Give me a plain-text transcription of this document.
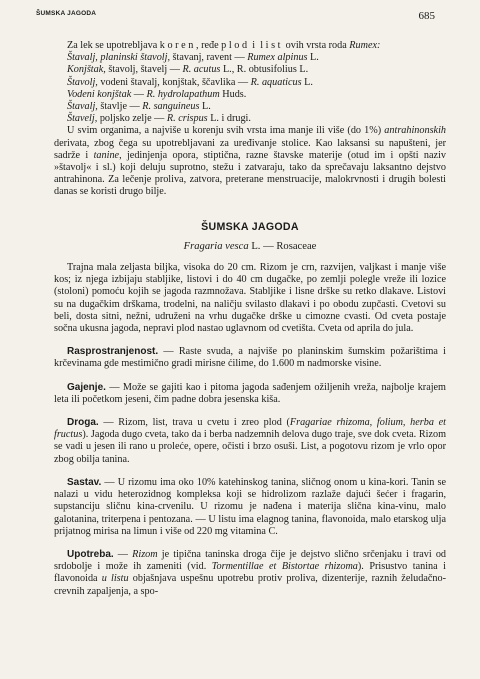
ŠUMSKA JAGODA	685

Za lek se upotrebljava koren, ređe plod i list ovih vrsta roda Rumex:

Štavalj, planinski štavolj, štavanj, ravent — Rumex alpinus L.
Konjštak, štavolj, štavelj — R. acutus L., R. obtusifolius L.
Štavolj, vodeni štavalj, konjštak, ščavlika — R. aquaticus L.
Vodeni konjštak — R. hydrolapathum Huds.
Štavalj, štavlje — R. sanguineus L.
Štavelj, poljsko zelje — R. crispus L. i drugi.

U svim organima, a najviše u korenju svih vrsta ima manje ili više (do 1%) antrahinonskih derivata, zbog čega su upotrebljavani za uređivanje stolice. Kao laksansi su napušteni, jer sadrže i tanine, jedinjenja opora, stiptična, razne štavske materije (otud im i opšti naziv »štavolj« i sl.) koji deluju suprotno, stežu i zatvaraju, tako da sprečavaju laksantno dejstvo antrahinona. Za lečenje proliva, zatvora, preterane menstruacije, malokrvnosti i drugih bolesti danas se koristi drugo bilje.

ŠUMSKA JAGODA
Fragaria vesca L. — Rosaceae

Trajna mala zeljasta biljka, visoka do 20 cm. Rizom je crn, razvijen, valjkast i manje više kos; iz njega izbijaju stabljike, listovi i do 40 cm dugačke, po zemlji polegle vreže ili lozice (stoloni) pomoću kojih se jagoda razmnožava. Stabljike i lisne drške su retko dlakave. Listovi su na dugačkim drškama, trodelni, na naličju svilasto dlakavi i po obodu zupčasti. Cvetovi su beli, dosta sitni, nežni, udruženi na vrhu dugačke drške u cimozne cvasti. Od cveta postaje sočna ukusna jagoda, nepravi plod nastao uglavnom od cvetišta. Cveta od aprila do jula.

Rasprostranjenost. — Raste svuda, a najviše po planinskim šumskim požarištima i krčevinama gde mestimično gradi mirisne ćilime, do 1.600 m nadmorske visine.

Gajenje. — Može se gajiti kao i pitoma jagoda sađenjem ožiljenih vreža, najbolje krajem leta ili početkom jeseni, čim padne dobra jesenska kiša.

Droga. — Rizom, list, trava u cvetu i zreo plod (Fragariae rhizoma, folium, herba et fructus). Jagoda dugo cveta, tako da i berba nadzemnih delova dugo traje, sve dok cveta. Rizom se vadi u jesen ili rano u proleće, opere, očisti i brzo osuši. List, a pogotovu rizom je vrlo opor zbog obilja tanina.

Sastav. — U rizomu ima oko 10% katehinskog tanina, sličnog onom u kina-kori. Tanin se nalazi u vidu heterozidnog kompleksa koji se hidrolizom razlaže dajući šećer i fragarin, supstanciju sličnu kina-crvenilu. U rizomu je nađena i materija slična kina-vinu, malo galotanina, triterpena i pentozana. — U listu ima elagnog tanina, flavonoida, malo etarskog ulja prijatnog mirisa na limun i više od 220 mg vitamina C.

Upotreba. — Rizom je tipična taninska droga čije je dejstvo slično srčenjaku i travi od srdobolje i može ih zameniti (vid. Tormentillae et Bistortae rhizoma). Prisustvo tanina i flavonoida u listu objašnjava uspešnu upotrebu protiv proliva, dizenterije, raznih želudačno-crevnih zapaljenja, a spo-
